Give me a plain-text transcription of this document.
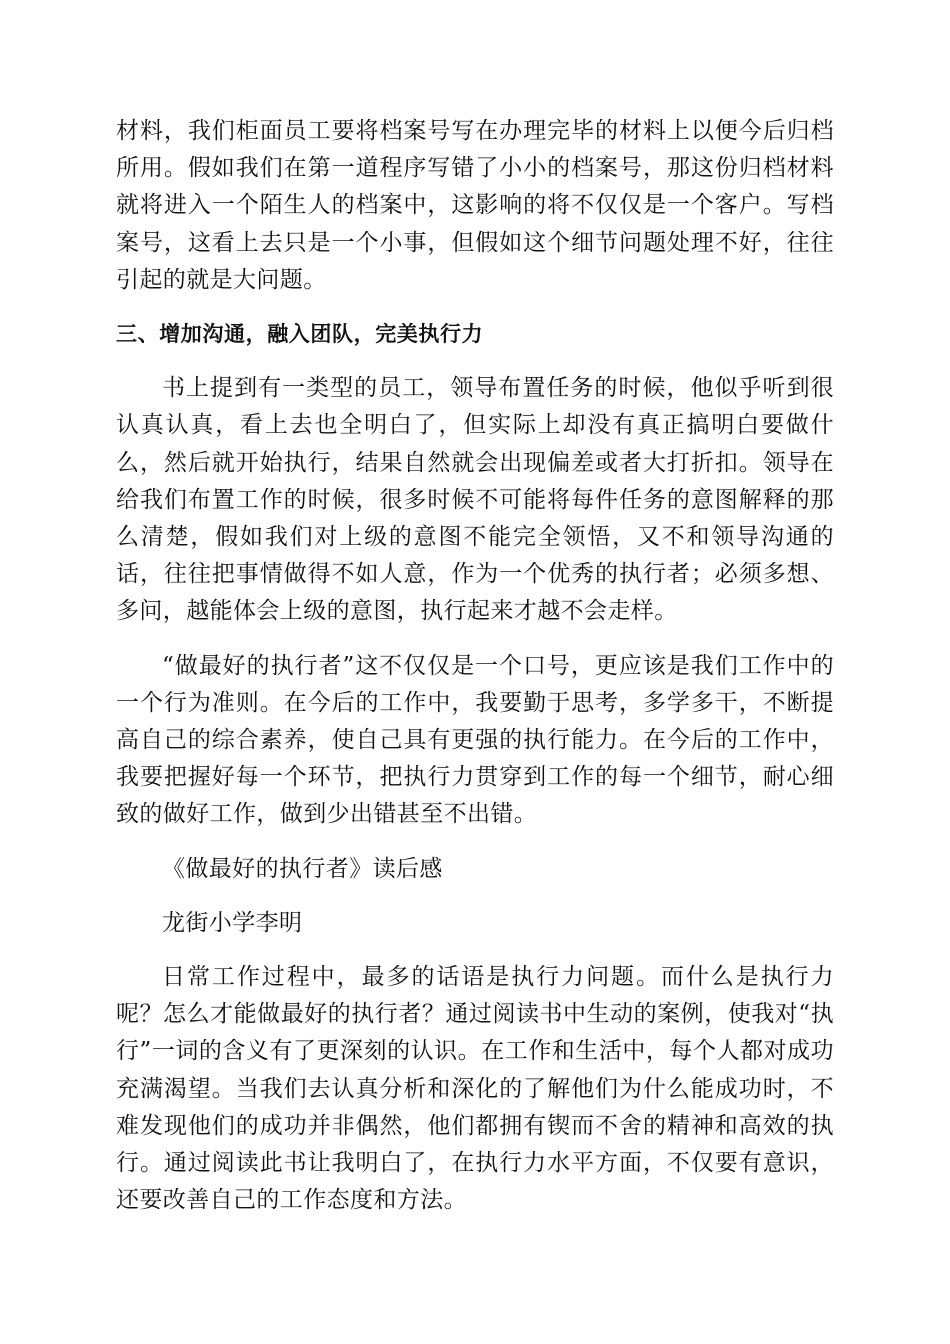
材料，我们柜面员工要将档案号写在办理完毕的材料上以便今后归档所用。假如我们在第一道程序写错了小小的档案号，那这份归档材料就将进入一个陌生人的档案中，这影响的将不仅仅是一个客户。写档案号，这看上去只是一个小事，但假如这个细节问题处理不好，往往引起的就是大问题。

三、增加沟通，融入团队，完美执行力

书上提到有一类型的员工，领导布置任务的时候，他似乎听到很认真认真，看上去也全明白了，但实际上却没有真正搞明白要做什么，然后就开始执行，结果自然就会出现偏差或者大打折扣。领导在给我们布置工作的时候，很多时候不可能将每件任务的意图解释的那么清楚，假如我们对上级的意图不能完全领悟，又不和领导沟通的话，往往把事情做得不如人意，作为一个优秀的执行者；必须多想、多问，越能体会上级的意图，执行起来才越不会走样。

“做最好的执行者”这不仅仅是一个口号，更应该是我们工作中的一个行为准则。在今后的工作中，我要勤于思考，多学多干，不断提高自己的综合素养，使自己具有更强的执行能力。在今后的工作中，我要把握好每一个环节，把执行力贯穿到工作的每一个细节，耐心细致的做好工作，做到少出错甚至不出错。

《做最好的执行者》读后感

龙街小学李明

日常工作过程中，最多的话语是执行力问题。而什么是执行力呢？怎么才能做最好的执行者？通过阅读书中生动的案例，使我对“执行”一词的含义有了更深刻的认识。在工作和生活中，每个人都对成功充满渴望。当我们去认真分析和深化的了解他们为什么能成功时，不难发现他们的成功并非偶然，他们都拥有锲而不舍的精神和高效的执行。通过阅读此书让我明白了，在执行力水平方面，不仅要有意识，还要改善自己的工作态度和方法。
